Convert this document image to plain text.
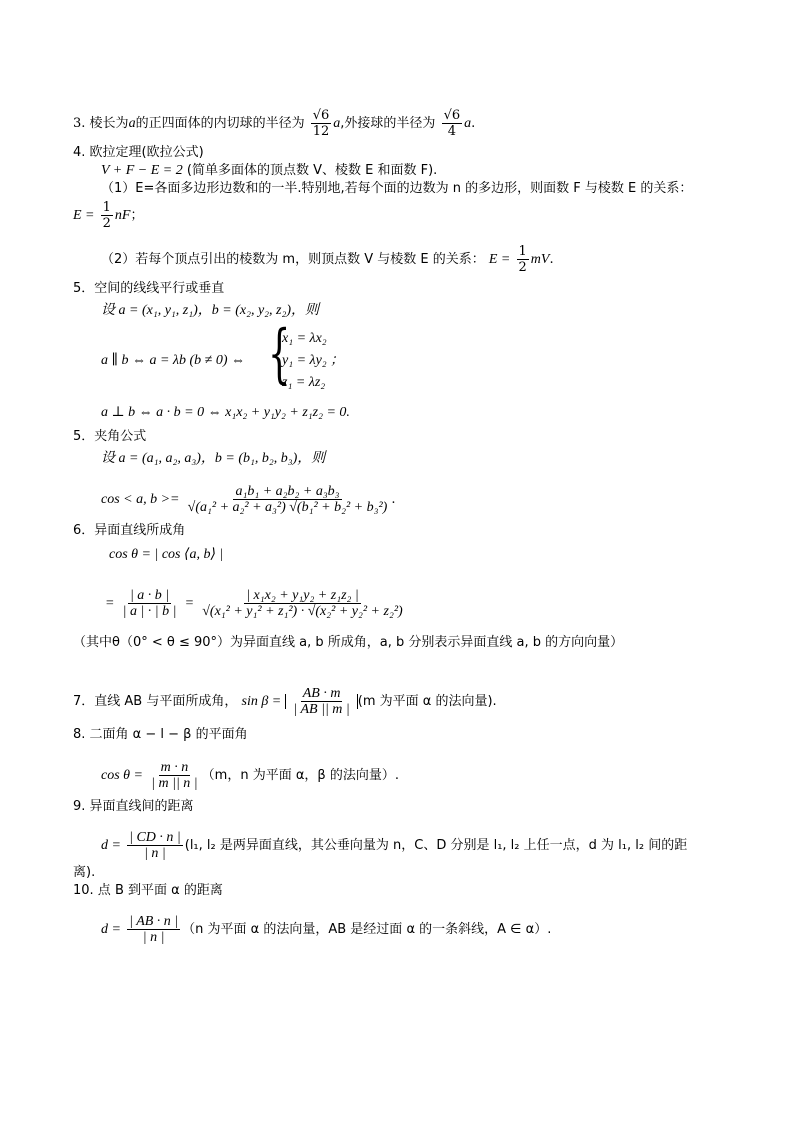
3. 棱长为a的正四面体的内切球的半径为 $\frac{√6}{12} a$,外接球的半径为 $\frac{√6}{4} a$.
4. 欧拉定理(欧拉公式)
V + F − E = 2 (简单多面体的顶点数 V、棱数 E 和面数 F).
（1）E=各面多边形边数和的一半.特别地,若每个面的边数为 n 的多边形，则面数 F 与棱数 E 的关系：
$E = \frac{1}{2}$ nF；
（2）若每个顶点引出的棱数为 m，则顶点数 V 与棱数 E 的关系： $E = \frac{1}{2}$ mV.
5．空间的线线平行或垂直
设 a = (x₁, y₁, z₁)，b = (x₂, y₂, z₂)，则
a ∥ b ⇔ a = λb (b ≠ 0) ⇔ {
x₁ = λx₂
y₁ = λy₂ ；
z₁ = λz₂
a ⊥ b ⇔ a · b = 0 ⇔ x₁x₂ + y₁y₂ + z₁z₂ = 0.
5．夹角公式
设 a = (a₁, a₂, a₃)，b = (b₁, b₂, b₃)，则
cos < a, $b >= \frac{\text{a₁b₁ + a₂b₂ + a₃b₃}}{\text{√(a₁² + a₂² + a₃²) √(b₁² + b₂² + b₃²)}}$ .
6．异面直线所成角
cos θ = | cos ⟨a, b⟩ |
= $\frac{| a \cdot b |}{| a | \cdot | b |} = \frac{\text{| x₁x₂ + y₁y₂ + z₁z₂ |}}{\text{√(x₁² + y₁² + z₁²) · √(x₂² + y₂² + z₂²)}}$
（其中θ（0° < θ ≤ 90°）为异面直线 a, b 所成角，a, b 分别表示异面直线 a, b 的方向向量）
7．直线 AB 与平面所成角， $\sin \beta = \frac{AB \cdot m}{| AB || m |} (m$ 为平面 α 的法向量).
8. 二面角 α − l − β 的平面角
$\cos \theta = \frac{m \cdot n}{| m || n |} (m$，n 为平面 α，β 的法向量）.
9. 异面直线间的距离
$d = \frac{| CD \cdot n |}{| n |} (l_1$, l₂ 是两异面直线，其公垂向量为 n，C、D 分别是 l₁, l₂ 上任一点，d 为 l₁, l₂ 间的距
离).
10. 点 B 到平面 α 的距离
$d = \frac{| AB \cdot n |}{| n |} (n$ 为平面 α 的法向量，AB 是经过面 α 的一条斜线，A ∈ α）.
